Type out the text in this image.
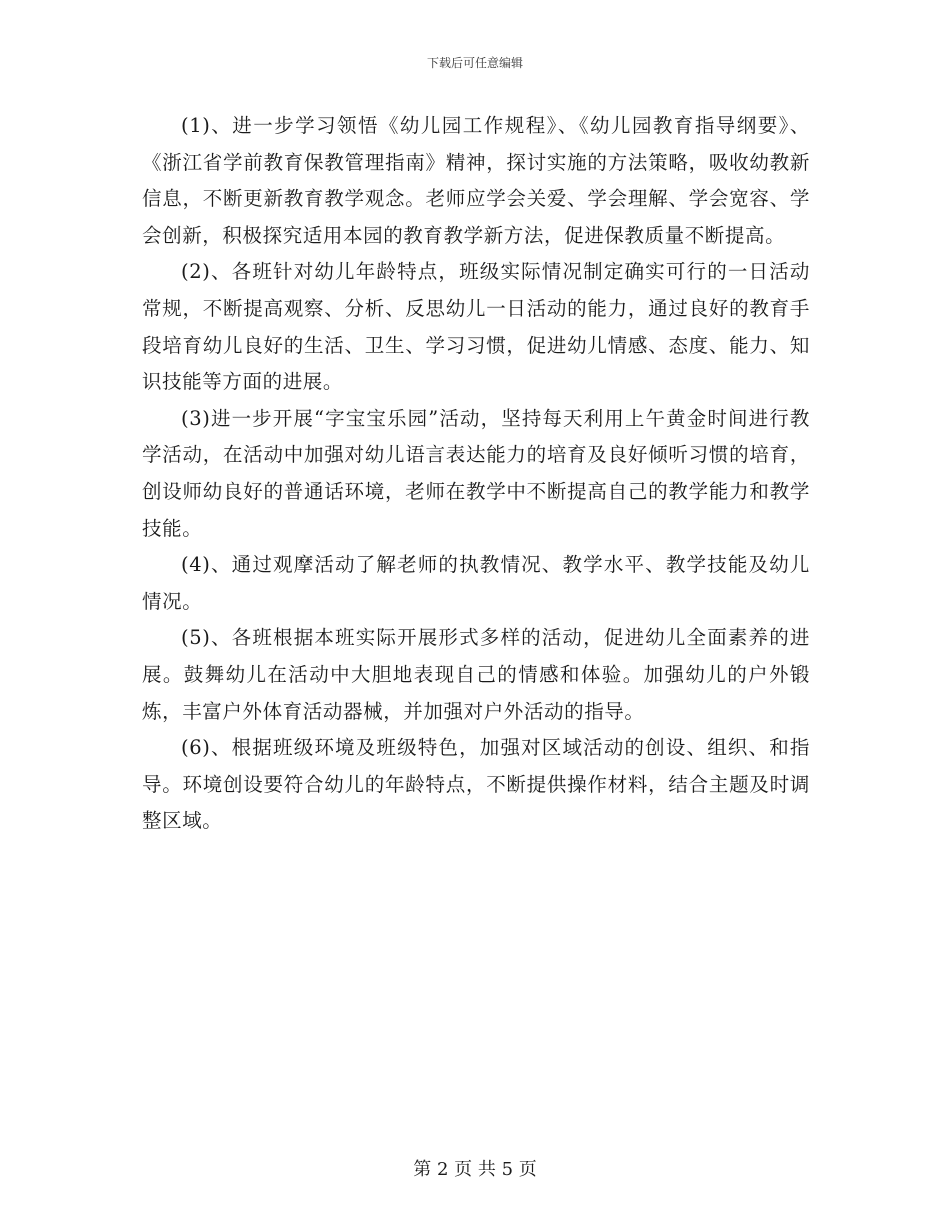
下载后可任意编辑

(1)、进一步学习领悟《幼儿园工作规程》、《幼儿园教育指导纲要》、《浙江省学前教育保教管理指南》精神，探讨实施的方法策略，吸收幼教新信息，不断更新教育教学观念。老师应学会关爱、学会理解、学会宽容、学会创新，积极探究适用本园的教育教学新方法，促进保教质量不断提高。

(2)、各班针对幼儿年龄特点，班级实际情况制定确实可行的一日活动常规，不断提高观察、分析、反思幼儿一日活动的能力，通过良好的教育手段培育幼儿良好的生活、卫生、学习习惯，促进幼儿情感、态度、能力、知识技能等方面的进展。

(3)进一步开展“字宝宝乐园”活动，坚持每天利用上午黄金时间进行教学活动，在活动中加强对幼儿语言表达能力的培育及良好倾听习惯的培育，创设师幼良好的普通话环境，老师在教学中不断提高自己的教学能力和教学技能。

(4)、通过观摩活动了解老师的执教情况、教学水平、教学技能及幼儿情况。

(5)、各班根据本班实际开展形式多样的活动，促进幼儿全面素养的进展。鼓舞幼儿在活动中大胆地表现自己的情感和体验。加强幼儿的户外锻炼，丰富户外体育活动器械，并加强对户外活动的指导。

(6)、根据班级环境及班级特色，加强对区域活动的创设、组织、和指导。环境创设要符合幼儿的年龄特点，不断提供操作材料，结合主题及时调整区域。

第 2 页 共 5 页
